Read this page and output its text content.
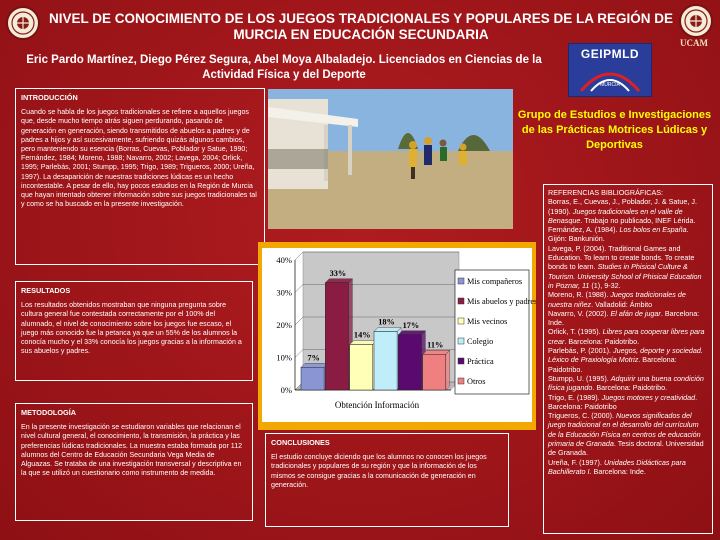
NIVEL DE CONOCIMIENTO DE LOS JUEGOS TRADICIONALES Y POPULARES DE LA REGIÓN DE MURCIA EN EDUCACIÓN SECUNDARIA
UCAM
Eric Pardo Martínez, Diego Pérez Segura, Abel Moya Albaladejo. Licenciados en Ciencias de la Actividad Física y del Deporte
GEIPMLD
MURCIA
Grupo de Estudios e Investigaciones de las Prácticas Motrices Lúdicas y Deportivas
INTRODUCCIÓN

Cuando se habla de los juegos tradicionales se refiere a aquellos juegos que, desde mucho tiempo atrás siguen perdurando, pasando de generación en generación, siendo transmitidos de abuelos a padres y de padres a hijos y así sucesivamente, sufriendo quizás algunos cambios, pero manteniendo su esencia (Borras, Cuevas, Poblador y Satue, 1990; Fernández, 1984; Moreno, 1988; Navarro, 2002; Lavega, 2004; Orlick, 1995; Parlebás, 2001; Stumpp, 1995; Trigo, 1989; Trigueros, 2000; Ureña, 1997). La desaparición de nuestras tradiciones lúdicas es un hecho incontestable. A pesar de ello, hay pocos estudios en la Región de Murcia que hayan intentado obtener información sobre sus juegos tradicionales tal y como se ha buscado en la presente investigación.

0%
10%
20%
30%
40%
7%
33%
14%
18% 17%
11%
Obtención Información
Mis compañeros
Mis abuelos y padres
Mis vecinos
Colegio
Práctica
Otros
RESULTADOS

Los resultados obtenidos mostraban que ninguna pregunta sobre cultura general fue contestada correctamente por el 100% del alumnado, el nivel de conocimiento sobre los juegos fue escaso, el juego más conocido fue la petanca ya que un 55% de los alumnos la conocía mucho y el 33% conocía los juegos gracias a la información a sus abuelos y padres.

METODOLOGÍA

En la presente investigación se estudiaron variables que relacionan el nivel cultural general, el conocimiento, la transmisión, la práctica y las preferencias lúdicas tradicionales. La muestra estaba formada por 112 alumnos del Centro de Educación Secundaria Vega Media de Alguazas. Se trataba de una investigación transversal y descriptiva en la que se utilizó un cuestionario como instrumento de medida.

CONCLUSIONES

El estudio concluye diciendo que los alumnos no conocen los juegos tradicionales y populares de su región y que la información de los mismos se consigue gracias a la comunicación de generación en generación.

REFERENCIAS BIBLIOGRÁFICAS:
Borras, E., Cuevas, J., Poblador, J. & Satue, J. (1990). Juegos tradicionales en el valle de Benasque. Trabajo no publicado, INEF Lérida.
Fernández, A. (1984). Los bolos en España. Gijón: Bankunión.
Lavega, P. (2004). Traditional Games and Education. To learn to create bonds. To create bonds to learn. Studies in Phisical Culture & Tourism. University School of Phisical Education in Poznar, 11 (1), 9-32.
Moreno, R. (1988). Juegos tradicionales de nuestra niñez. Valladolid: Ámbito
Navarro, V. (2002). El afán de jugar. Barcelona: Inde.
Orlick, T. (1995). Libres para cooperar libres para crear. Barcelona: Paidotribo.
Parlebás, P. (2001). Juegos, deporte y sociedad. Léxico de Praxiología Motriz. Barcelona: Paidotribo.
Stumpp, U. (1995). Adquirir una buena condición física jugando. Barcelona: Paidotribo.
Trigo, E. (1989). Juegos motores y creatividad. Barcelona: Paidotribo
Trigueros, C. (2000). Nuevos significados del juego tradicional en el desarrollo del currículum de la Educación Física en centros de educación primaria de Granada. Tesis doctoral. Universidad de Granada.
Ureña, F. (1997). Unidades Didácticas para Bachillerato I. Barcelona: Inde.
